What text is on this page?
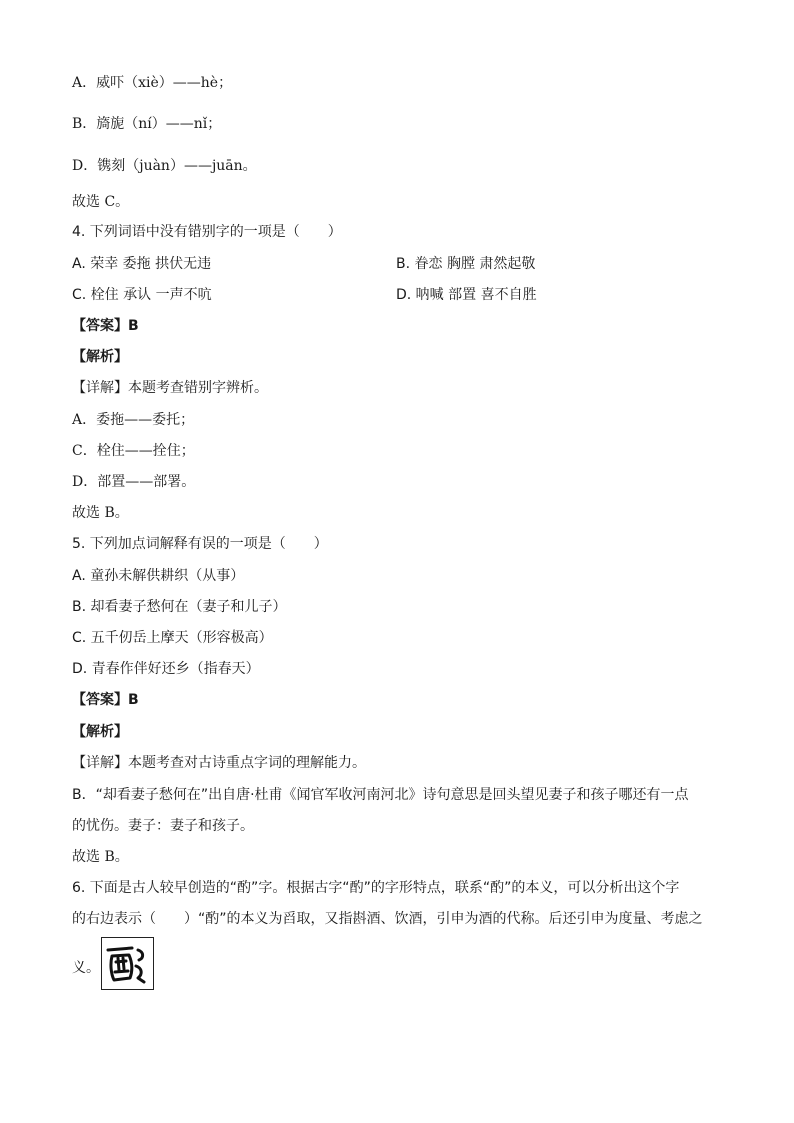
A．威吓（xiè）——hè；
B．旖旎（ní）——nǐ；
D．镌刻（juàn）——juān。
故选 C。
4. 下列词语中没有错别字的一项是（　　）
A. 荣幸 委拖 拱伏无违	B. 眷恋 胸膛 肃然起敬
C. 栓住 承认 一声不吭	D. 呐喊 部置 喜不自胜
【答案】B
【解析】
【详解】本题考查错别字辨析。
A．委拖——委托；
C．栓住——拴住；
D．部置——部署。
故选 B。
5. 下列加点词解释有误的一项是（　　）
A. 童孙未解供耕织（从事）
B. 却看妻子愁何在（妻子和儿子）
C. 五千仞岳上摩天（形容极高）
D. 青春作伴好还乡（指春天）
【答案】B
【解析】
【详解】本题考查对古诗重点字词的理解能力。
B．“却看妻子愁何在”出自唐·杜甫《闻官军收河南河北》诗句意思是回头望见妻子和孩子哪还有一点
的忧伤。妻子：妻子和孩子。
故选 B。
6. 下面是古人较早创造的“酌”字。根据古字“酌”的字形特点，联系“酌”的本义，可以分析出这个字
的右边表示（　　）“酌”的本义为舀取，又指斟酒、饮酒，引申为酒的代称。后还引申为度量、考虑之
义。
